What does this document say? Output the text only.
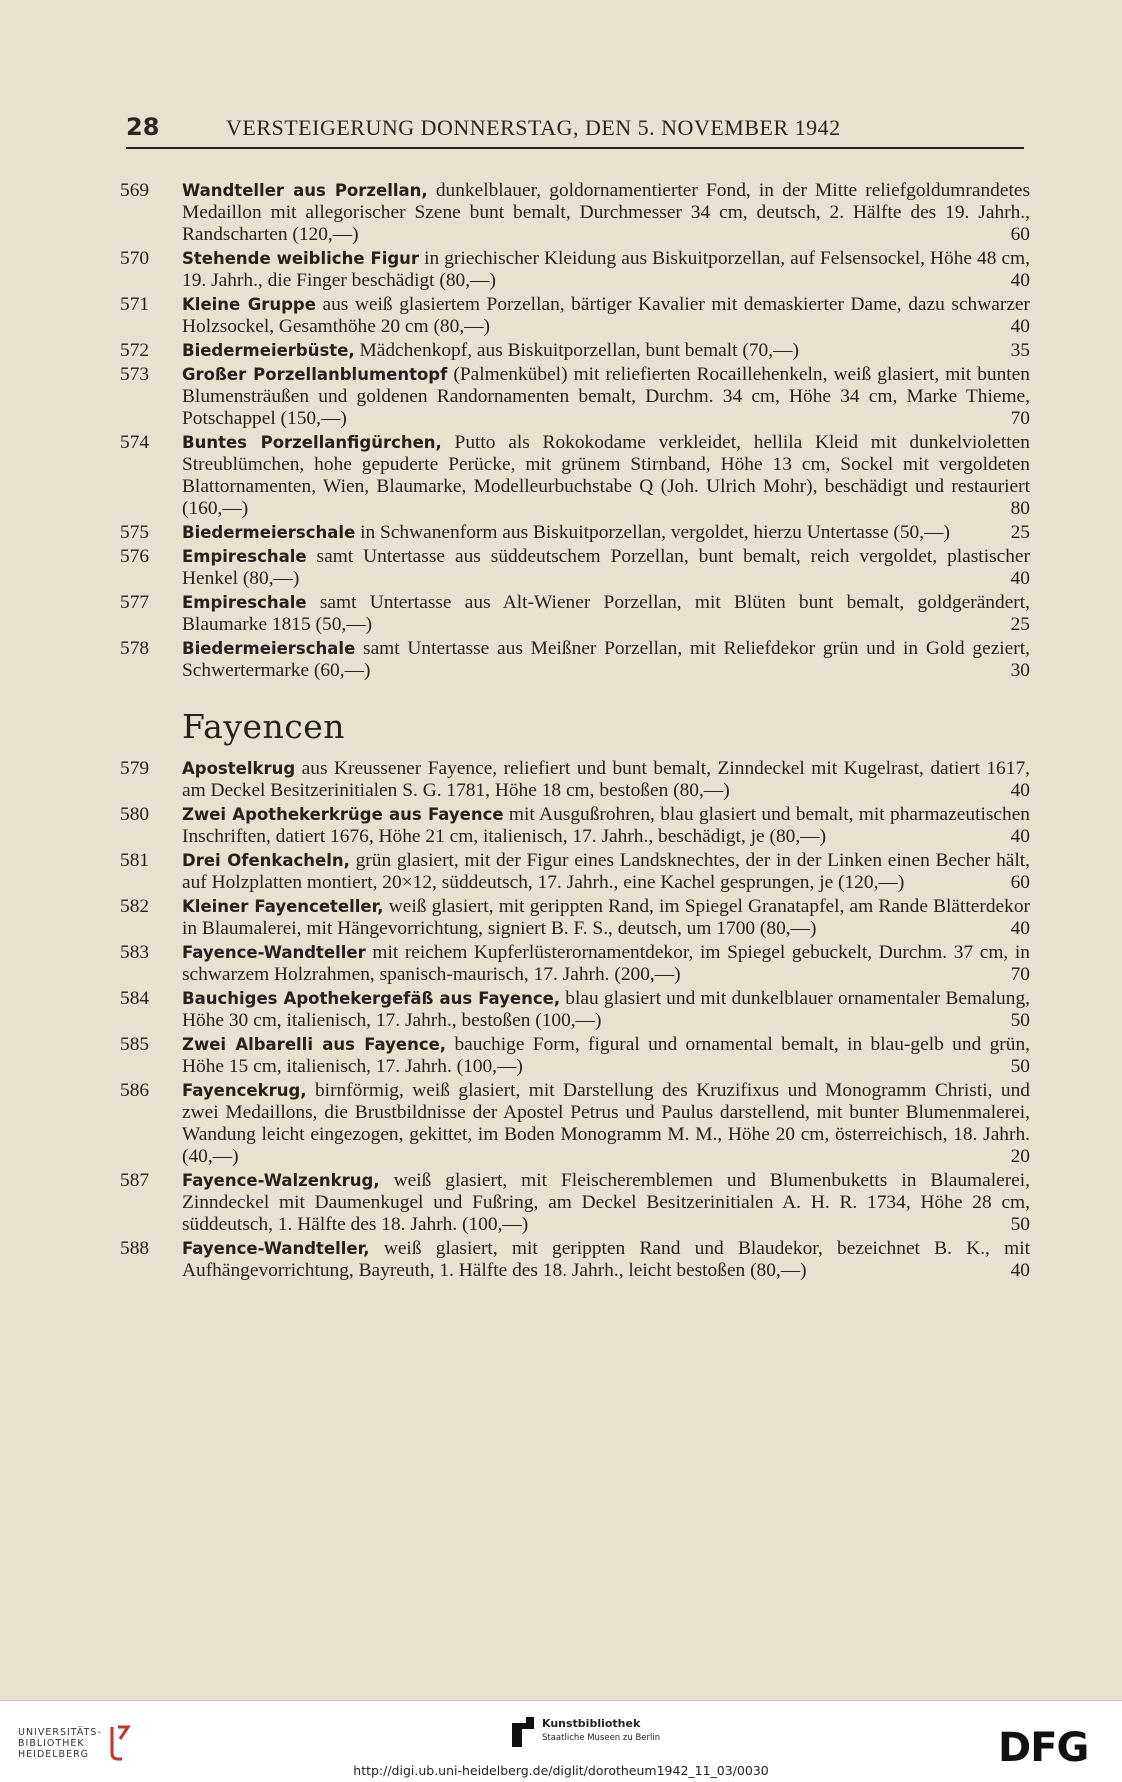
28	VERSTEIGERUNG DONNERSTAG, DEN 5. NOVEMBER 1942
569	Wandteller aus Porzellan, dunkelblauer, goldornamentierter Fond, in der Mitte reliefgoldumrandetes Medaillon mit allegorischer Szene bunt bemalt, Durchmesser 34 cm, deutsch, 2. Hälfte des 19. Jahrh., Randscharten (120,—)	60
570	Stehende weibliche Figur in griechischer Kleidung aus Biskuitporzellan, auf Felsensockel, Höhe 48 cm, 19. Jahrh., die Finger beschädigt (80,—)	40
571	Kleine Gruppe aus weiß glasiertem Porzellan, bärtiger Kavalier mit demaskierter Dame, dazu schwarzer Holzsockel, Gesamthöhe 20 cm (80,—)	40
572	Biedermeierbüste, Mädchenkopf, aus Biskuitporzellan, bunt bemalt (70,—)	35
573	Großer Porzellanblumentopf (Palmenkübel) mit reliefierten Rocaillehenkeln, weiß glasiert, mit bunten Blumensträußen und goldenen Randornamenten bemalt, Durchm. 34 cm, Höhe 34 cm, Marke Thieme, Potschappel (150,—)	70
574	Buntes Porzellanfigürchen, Putto als Rokokodame verkleidet, hellila Kleid mit dunkelvioletten Streublümchen, hohe gepuderte Perücke, mit grünem Stirnband, Höhe 13 cm, Sockel mit vergoldeten Blattornamenten, Wien, Blaumarke, Modelleurbuchstabe Q (Joh. Ulrich Mohr), beschädigt und restauriert (160,—)	80
575	Biedermeierschale in Schwanenform aus Biskuitporzellan, vergoldet, hierzu Untertasse (50,—)	25
576	Empireschale samt Untertasse aus süddeutschem Porzellan, bunt bemalt, reich vergoldet, plastischer Henkel (80,—)	40
577	Empireschale samt Untertasse aus Alt-Wiener Porzellan, mit Blüten bunt bemalt, goldgerändert, Blaumarke 1815 (50,—)	25
578	Biedermeierschale samt Untertasse aus Meißner Porzellan, mit Reliefdekor grün und in Gold geziert, Schwertermarke (60,—)	30
Fayencen
579	Apostelkrug aus Kreussener Fayence, reliefiert und bunt bemalt, Zinndeckel mit Kugelrast, datiert 1617, am Deckel Besitzerinitialen S. G. 1781, Höhe 18 cm, bestoßen (80,—)	40
580	Zwei Apothekerkrüge aus Fayence mit Ausgußrohren, blau glasiert und bemalt, mit pharmazeutischen Inschriften, datiert 1676, Höhe 21 cm, italienisch, 17. Jahrh., beschädigt, je (80,—)	40
581	Drei Ofenkacheln, grün glasiert, mit der Figur eines Landsknechtes, der in der Linken einen Becher hält, auf Holzplatten montiert, 20×12, süddeutsch, 17. Jahrh., eine Kachel gesprungen, je (120,—)	60
582	Kleiner Fayenceteller, weiß glasiert, mit gerippten Rand, im Spiegel Granatapfel, am Rande Blätterdekor in Blaumalerei, mit Hängevorrichtung, signiert B. F. S., deutsch, um 1700 (80,—)	40
583	Fayence-Wandteller mit reichem Kupferlüsterornamentdekor, im Spiegel gebuckelt, Durchm. 37 cm, in schwarzem Holzrahmen, spanisch-maurisch, 17. Jahrh. (200,—)	70
584	Bauchiges Apothekergefäß aus Fayence, blau glasiert und mit dunkelblauer ornamentaler Bemalung, Höhe 30 cm, italienisch, 17. Jahrh., bestoßen (100,—)	50
585	Zwei Albarelli aus Fayence, bauchige Form, figural und ornamental bemalt, in blau-gelb und grün, Höhe 15 cm, italienisch, 17. Jahrh. (100,—)	50
586	Fayencekrug, birnförmig, weiß glasiert, mit Darstellung des Kruzifixus und Monogramm Christi, und zwei Medaillons, die Brustbildnisse der Apostel Petrus und Paulus darstellend, mit bunter Blumenmalerei, Wandung leicht eingezogen, gekittet, im Boden Monogramm M. M., Höhe 20 cm, österreichisch, 18. Jahrh. (40,—)	20
587	Fayence-Walzenkrug, weiß glasiert, mit Fleischeremblemen und Blumenbuketts in Blaumalerei, Zinndeckel mit Daumenkugel und Fußring, am Deckel Besitzerinitialen A. H. R. 1734, Höhe 28 cm, süddeutsch, 1. Hälfte des 18. Jahrh. (100,—)	50
588	Fayence-Wandteller, weiß glasiert, mit gerippten Rand und Blaudekor, bezeichnet B. K., mit Aufhängevorrichtung, Bayreuth, 1. Hälfte des 18. Jahrh., leicht bestoßen (80,—)	40
UNIVERSITÄTS-
BIBLIOTHEK
HEIDELBERG
Kunstbibliothek
Staatliche Museen zu Berlin	DFG
http://digi.ub.uni-heidelberg.de/diglit/dorotheum1942_11_03/0030
